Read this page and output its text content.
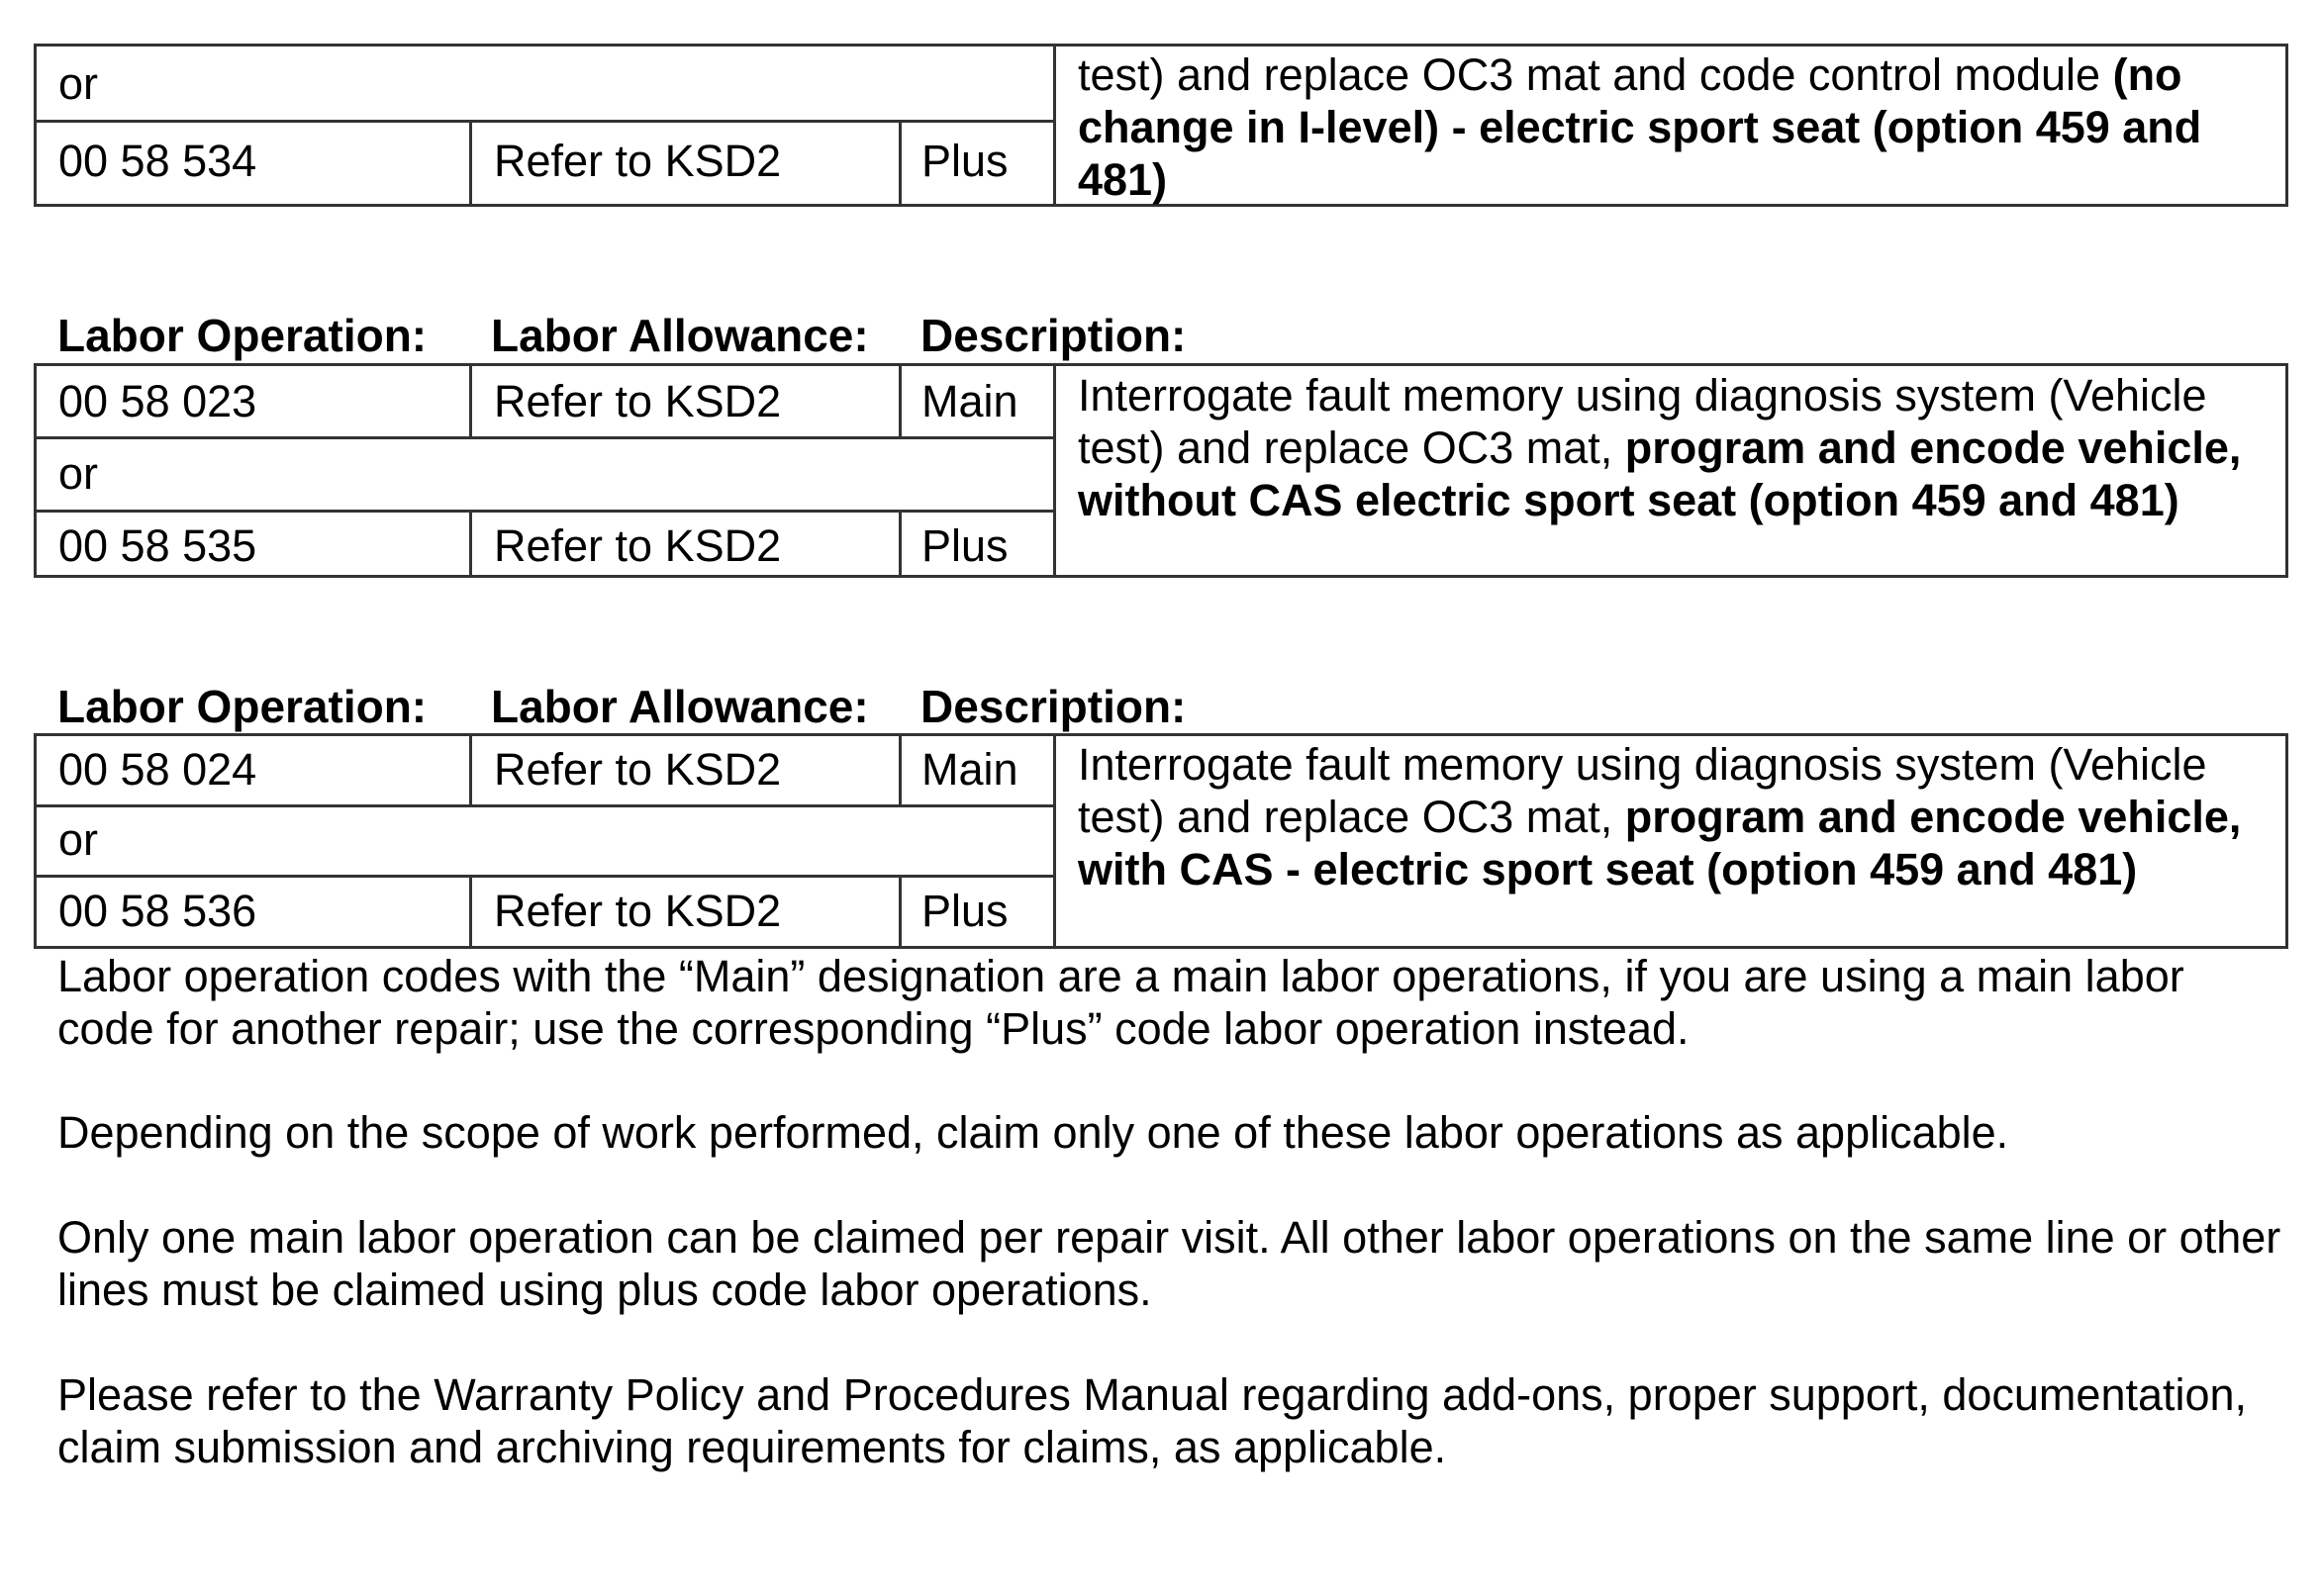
or
00 58 534	Refer to KSD2	Plus
test) and replace OC3 mat and code control module (no change in I-level) - electric sport seat (option 459 and 481)
Labor Operation: Labor Allowance: Description:
00 58 023	Refer to KSD2	Main
or
00 58 535	Refer to KSD2	Plus
Interrogate fault memory using diagnosis system (Vehicle test) and replace OC3 mat, program and encode vehicle, without CAS electric sport seat (option 459 and 481)
Labor Operation: Labor Allowance: Description:
00 58 024	Refer to KSD2	Main
or
00 58 536	Refer to KSD2	Plus
Interrogate fault memory using diagnosis system (Vehicle test) and replace OC3 mat, program and encode vehicle, with CAS - electric sport seat (option 459 and 481)

Labor operation codes with the “Main” designation are a main labor operations, if you are using a main labor code for another repair; use the corresponding “Plus” code labor operation instead.

Depending on the scope of work performed, claim only one of these labor operations as applicable.

Only one main labor operation can be claimed per repair visit. All other labor operations on the same line or other lines must be claimed using plus code labor operations.

Please refer to the Warranty Policy and Procedures Manual regarding add-ons, proper support, documentation, claim submission and archiving requirements for claims, as applicable.
